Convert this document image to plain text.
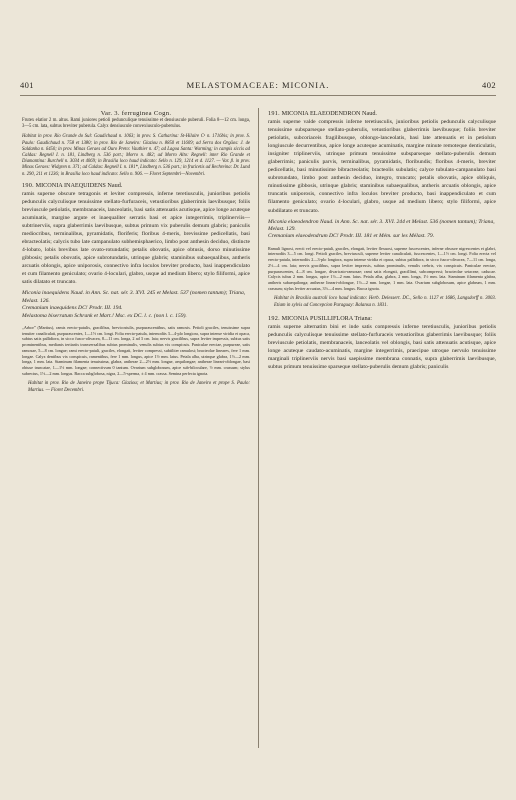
401	MELASTOMACEAE: MICONIA.	402

Var. 3. ferruginea Cogn.

Frutex elatior 2 m. altus. Rami juniores petioli pedunculique tenuissime et densiuscule puberuli. Folia 8—12 cm. longa, 3—5 cm. lata, subtus breviter puberula. Calyx densiuscule convexiusculo-puberulus.

Habitat in prov. Rio Grande do Sul: Gaudichaud n. 1063; in prov. S. Catharina: St-Hilaire C¹ n. 1716bis; in prov. S. Paulo: Gaudichaud n. 758 et 1380; in prov. Rio de Janeiro: Glaziou n. 8850 et 11609; ad Serra dos Orgãos: J. de Saldanha n. 6450; in prov. Minas Geraes ad Ouro Preto: Vauthier n. 47; ad Lagoa Santa: Warming; in campis siccis ad Caldas: Regnell I. n. 181, Lindberg n. 536 part.; Morro n. 482; ad Morro Alto: Regnell: inter Rio Grande et Diamantina: Burchell n. 3034 et 4069; in Brasilia loco haud indicato: Sello n. 129, 1214 et d. 1127. — Var. β. in prov. Minas Geraes: Widgren n. 371; ad Caldas: Regnell I. n. 181*, Lindberg n. 536 part.; in fruticetis ad Rechreina: Dr. Lund n. 290, 211 et 1236; in Brasilia loco haud indicato: Sello n. 906. — Floret Septembri—Novembri.

190. MICONIA INAEQUIDENS Naud.

ramis superne obscure tetragonis et leviter compressis, inferne teretiusculis, junioribus petiolis pedunculis calyculisque tenuissime stellato-furfuraceis, vetustioribus glaberrimis laevibusque; foliis breviuscule petiolatis, membranaceis, lanceolatis, basi satis attenuatis acutisque, apice longe acuteque acuminatis, margine argute et inaequaliter serratis basi et apice integerrimis, triplinerviis—subtrinerviis, supra glaberrimis laevibusque, subtus primum vix puberulis demum glabris; paniculis mediocribus, terminalibus, pyramidatis, floriferis; floribus 4-meris, brevissime pedicellatis, basi ebracteolatis; calycis tubo late campanulato subhemisphaerico, limbo post anthesin deciduo, distincte 4-lobato, lobis brevibus late ovato-rotundatis; petalis obovatis, apice obtusis, dorso minutissime gibbosis; petalis obovatis, apice subrotundatis, utrinque glabris; staminibus subaequalibus, antheris arcuatis oblongis, apice uniporosis, connectivo infra loculos breviter producto, basi inappendiculato et cum filamento geniculato; ovario 4-loculari, glabro, usque ad medium libero; stylo filiformi, apice satis dilatato et truncato.

Miconia inaequidens Naud. in Ann. Sc. nat. sér. 3. XVI. 245 et Melast. 537 (nomen tantum); Triana, Melast. 126.
Cremanium inaequidens DC! Prodr. III. 194.
Melastoma biserratum Schrank et Mart.! Msc. ex DC. l. c. (non l. c. 159).

„Arbor” (Martius), ramis erecto-patulis, gracilibus, brevicostulis, purpurascentibus, satis ramosis. Petioli graciles, tenuissime supra tenuiter canaliculati, purpurascentes, 1—1½ cm. longi. Folia erecto-patula, internodiis 3—4-plo longiora, supra intense viridia et opaca, subtus satis pallidiora, in sicco fusco-olivacea, 8—11 cm. longa, 2 ad 3 cm. lata; nervis gracilibus, supra leviter impressis, subtus satis prominentibus, medianis tertiariis transversalibus subtus prominulis, venulis subtus vix conspicuis. Paniculae erectae, purpureae, satis ramosae, 5—8 cm. longae; rami erecto-patuli, graciles, elongati, leviter compressi, subtiliter ramulosi; bracteolae lineares, fere 1 mm. longae. Calyx dentibus vix conspicuis, ramentibus, fere 1 mm. longus, apice 1½ mm. latus. Petala alba, utrinque glabra, 1½—2 mm. longa, 1 mm. lata. Staminum filamenta tenuissima, glabra, antherae 2—2½ mm. longae, aequilongae; antherae lineari-oblongae, basi obtuse truncatae, 1—1½ mm. longae; connectivum 0 tantum. Ovarium subglobosum, apice sub-biloculare, ½ mm. crassum; stylus subrectus, 1½—2 mm. longus. Bacca subglobosa, nigra, 2—5-sperma, ± 4 mm. crassa. Semina perfecta ignota.

Habitat in prov. Rio de Janeiro prope Tijuca: Glaziou; et Martius; in prov. Rio de Janeiro et prope S. Paulo: Martius. — Floret Decembri.

191. MICONIA ELAEODENDRON Naud.

ramis superne valde compressis inferne teretiusculis, junioribus petiolis pedunculis calyculisque tenuissime subsparseque stellato-puberulis, vetustioribus glaberrimis laevibusque; foliis breviter petiolatis, subcoriaceis fragilibusque, oblongo-lanceolatis, basi late attenuatis et in petiolum longiuscule decurrentibus, apice longe acuteque acuminatis, margine minute remoteque denticulatis, insigniter triplinerviis, utrinque primum tenuissime subsparseque stellato-puberulis demum glaberrimis; paniculis parvis, terminalibus, pyramidatis, floribundis; floribus 4-meris, breviter pedicellatis, basi minutissime bibracteolatis; bracteolis subulatis; calyce tubulato-campanulato basi subrotundato, limbo post anthesin deciduo, integro, truncato; petalis obovatis, apice obliquis, minutissime gibbosis, utrinque glabris; staminibus subaequalibus, antheris arcuatis oblongis, apice truncatis uniporosis, connectivo infra loculos breviter producto, basi inappendiculato et cum filamento geniculato; ovario 4-loculari, glabro, usque ad medium libero; stylo filiformi, apice subdilatato et truncato.

Miconia elaeodendron Naud. in Ann. Sc. nat. sér. 3. XVI. 244 et Melast. 536 (nomen tantum); Triana, Melast. 129.
Cremanium elaeodendrum DC! Prodr. III. 181 et Mém. sur les Mélast. 79.

Ramuli lignosi, erecti vel erecto-patuli, graciles, elongati, leviter flexuosi, superne fuscescentes, inferne obscure nigrescentes et glabri, internodiis 3—5 cm. longi. Petioli graciles, breviusculi, superne leviter canaliculati, fuscescentes, 1—1½ cm. longi. Folia erecta vel erecto-patula, internodiis 2—3-plo longiora, supra intense viridia et opaca, subtus pallidiora, in sicco fusco-olivacea, 7—11 cm. longa, 2½—4 cm. lata; nervis gracilibus, supra leviter impressis, subtus prominulis, venulis crebris, vix conspicuis. Paniculae erectae, purpurascentes, 4—8 cm. longae, divaricato-ramosae; rami satis elongati, gracillimi, subcompressi; bracteolae setaceae, caducae. Calycis tubus 2 mm. longus, apice 1½—2 mm. latus. Petala alba, glabra, 2 mm. longa, 1½ mm. lata. Staminum filamenta glabra, antheris subaequilonga; antherae lineari-oblongae, 1½—2 mm. longae, 1 mm. lata. Ovarium subglobosum, apice glabrum, 1 mm. crassum; stylus leviter arcuatus, 3½—4 mm. longus. Bacca ignota.

Habitat in Brasilia australi loco haud indicato: Herb. Delessert. DC., Sello n. 1127 et 1686, Langsdorff n. 3003. Etiam in sylvis ad Concepcion Paraguay: Balansa n. 1831.

192. MICONIA PUSILLIFLORA Triana:

ramis superne alternatim bini et inde satis compressis inferne teretiusculis, junioribus petiolis pedunculis calyculisque tenuissime stellato-furfuraceis vetustioribus glaberrimis laevibusque; foliis breviuscule petiolatis, membranaceis, lanceolatis vel oblongis, basi satis attenuatis acutisque, apice longe acuteque caudato-acuminatis, margine integerrimis, praecipue utroque nervulo tenuissime marginali triplinerviis nervis basi saepissime membrana connatis, supra glaberrimis laevibusque, subtus primum tenuissime sparseque stellato-puberulis demum glabris; paniculis
